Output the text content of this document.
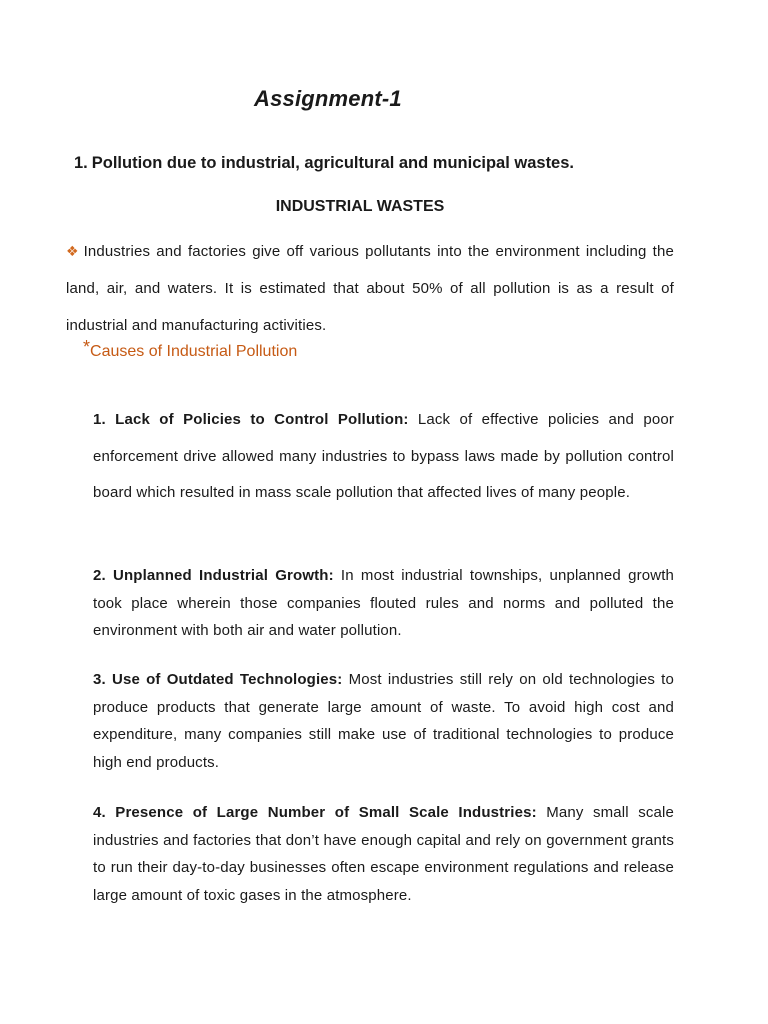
Assignment-1
1. Pollution due to industrial, agricultural and municipal wastes.
INDUSTRIAL WASTES
❖ Industries and factories give off various pollutants into the environment including the land, air, and waters. It is estimated that about 50% of all pollution is as a result of industrial and manufacturing activities.
*Causes of Industrial Pollution
1. Lack of Policies to Control Pollution: Lack of effective policies and poor enforcement drive allowed many industries to bypass laws made by pollution control board which resulted in mass scale pollution that affected lives of many people.
2. Unplanned Industrial Growth: In most industrial townships, unplanned growth took place wherein those companies flouted rules and norms and polluted the environment with both air and water pollution.
3. Use of Outdated Technologies: Most industries still rely on old technologies to produce products that generate large amount of waste. To avoid high cost and expenditure, many companies still make use of traditional technologies to produce high end products.
4. Presence of Large Number of Small Scale Industries: Many small scale industries and factories that don’t have enough capital and rely on government grants to run their day-to-day businesses often escape environment regulations and release large amount of toxic gases in the atmosphere.
